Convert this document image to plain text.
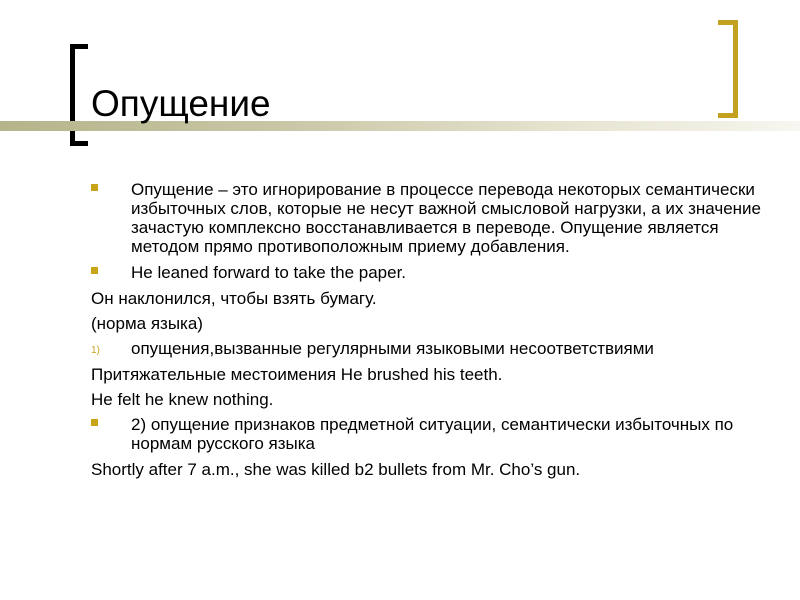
Опущение
Опущение – это игнорирование в процессе перевода некоторых семантически избыточных слов, которые не несут важной смысловой нагрузки, а их значение зачастую комплексно восстанавливается в переводе. Опущение является методом прямо противоположным приему добавления.
He leaned forward to take the paper.
Он наклонился, чтобы взять бумагу.
(норма языка)
1) опущения,вызванные регулярными языковыми несоответствиями
Притяжательные местоимения He brushed his teeth.
He felt he knew nothing.
2) опущение признаков предметной ситуации, семантически избыточных по нормам русского языка
Shortly after 7 a.m., she was killed b2 bullets from Mr. Cho’s gun.
